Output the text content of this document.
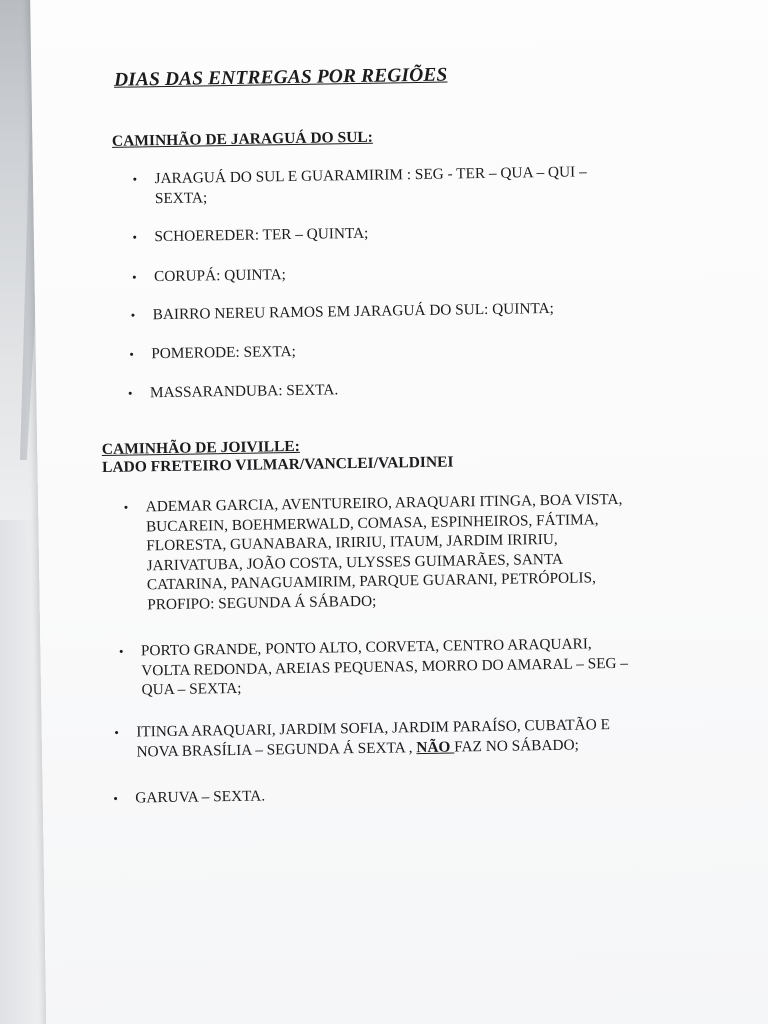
DIAS DAS ENTREGAS POR REGIÕES
CAMINHÃO DE JARAGUÁ DO SUL:
• JARAGUÁ DO SUL E GUARAMIRIM : SEG - TER – QUA – QUI –
SEXTA;
• SCHOEREDER: TER – QUINTA;
• CORUPÁ: QUINTA;
• BAIRRO NEREU RAMOS EM JARAGUÁ DO SUL: QUINTA;
• POMERODE: SEXTA;
• MASSARANDUBA: SEXTA.
CAMINHÃO DE JOIVILLE:
LADO FRETEIRO VILMAR/VANCLEI/VALDINEI
• ADEMAR GARCIA, AVENTUREIRO, ARAQUARI ITINGA, BOA VISTA,
BUCAREIN, BOEHMERWALD, COMASA, ESPINHEIROS, FÁTIMA,
FLORESTA, GUANABARA, IRIRIU, ITAUM, JARDIM IRIRIU,
JARIVATUBA, JOÃO COSTA, ULYSSES GUIMARÃES, SANTA
CATARINA, PANAGUAMIRIM, PARQUE GUARANI, PETRÓPOLIS,
PROFIPO: SEGUNDA Á SÁBADO;
• PORTO GRANDE, PONTO ALTO, CORVETA, CENTRO ARAQUARI,
VOLTA REDONDA, AREIAS PEQUENAS, MORRO DO AMARAL – SEG –
QUA – SEXTA;
• ITINGA ARAQUARI, JARDIM SOFIA, JARDIM PARAÍSO, CUBATÃO E
NOVA BRASÍLIA – SEGUNDA Á SEXTA , NÃO FAZ NO SÁBADO;
• GARUVA – SEXTA.
